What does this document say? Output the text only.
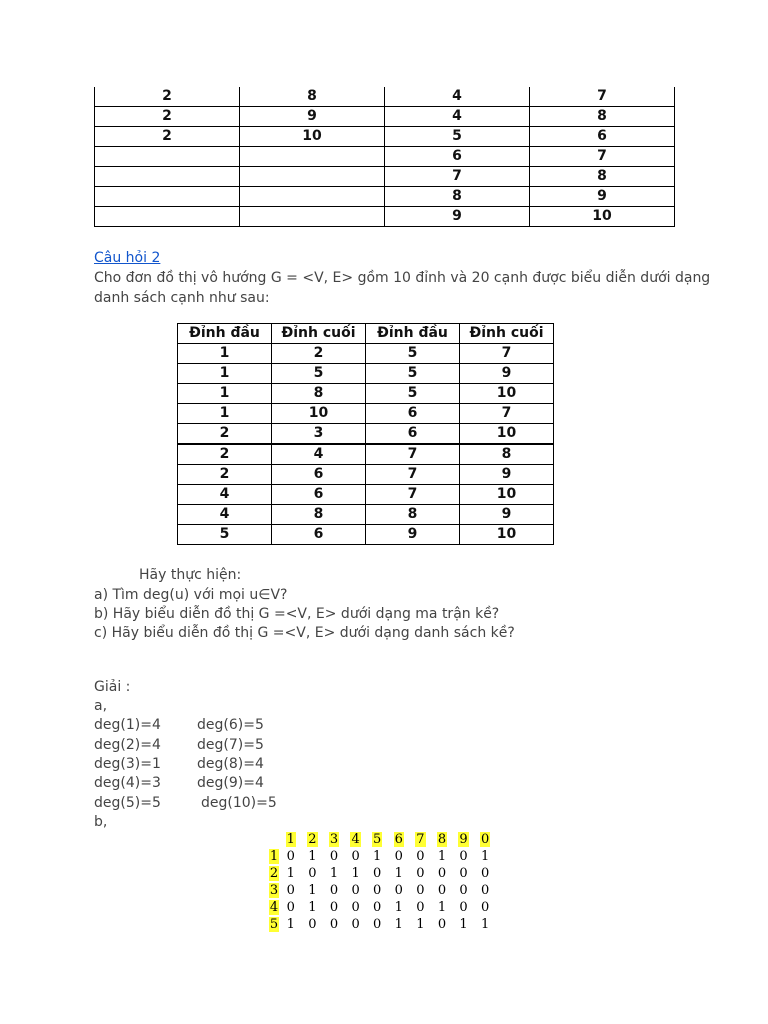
2	8	4	7
2	9	4	8
2	10	5	6
		6	7
		7	8
		8	9
		9	10
Câu hỏi 2

Cho đơn đồ thị vô hướng G = <V, E> gồm 10 đỉnh và 20 cạnh được biểu diễn dưới dạng

danh sách cạnh như sau:

Đỉnh đầu	Đỉnh cuối	Đỉnh đầu	Đỉnh cuối
1	2	5	7
1	5	5	9
1	8	5	10
1	10	6	7
2	3	6	10
2	4	7	8
2	6	7	9
4	6	7	10
4	8	8	9
5	6	9	10

Hãy thực hiện:

a) Tìm deg(u) với mọi u∈V?

b) Hãy biểu diễn đồ thị G =<V, E> dưới dạng ma trận kề?

c) Hãy biểu diễn đồ thị G =<V, E> dưới dạng danh sách kề?

Giải :

a,

deg(1)=4

deg(2)=4

deg(3)=1

deg(4)=3

deg(5)=5

deg(6)=5

deg(7)=5

deg(8)=4

deg(9)=4

deg(10)=5

b,

	1	2	3	4	5	6	7	8	9	0
1	0	1	0	0	1	0	0	1	0	1
2	1	0	1	1	0	1	0	0	0	0
3	0	1	0	0	0	0	0	0	0	0
4	0	1	0	0	0	1	0	1	0	0
5	1	0	0	0	0	1	1	0	1	1
